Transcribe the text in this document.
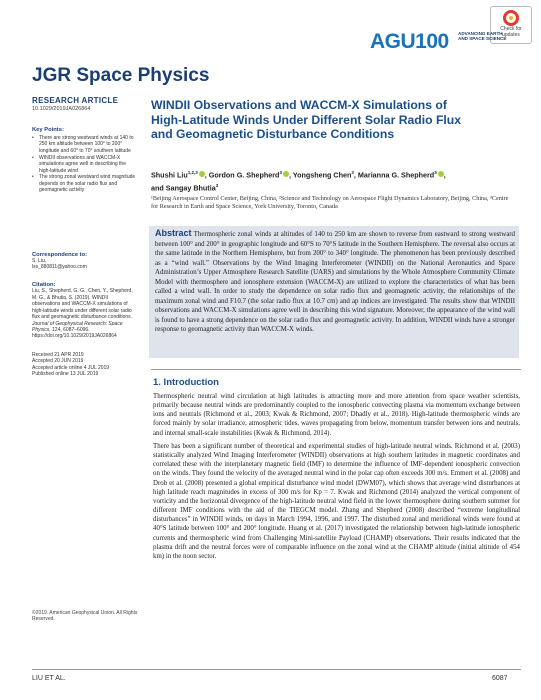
Check for updates
AGU100 ADVANCING EARTH AND SPACE SCIENCE
JGR Space Physics
RESEARCH ARTICLE
10.1029/2019JA026864
Key Points:
• There are strong westward winds at 140 to 250 km altitude between 100° to 200° longitude and 60° to 70° southern latitude
• WINDII observations and WACCM-X simulations agree well in describing the high-latitude wind
• The strong zonal westward wind magnitude depends on the solar radio flux and geomagnetic activity
Correspondence to:
S. Liu,
lss_880811@yahoo.com
Citation:
Liu, S., Shepherd, G. G., Chen, Y., Shepherd, M. G., & Bhutia, S. (2019). WINDII observations and WACCM-X simulations of high-latitude winds under different solar radio flux and geomagnetic disturbance conditions. Journal of Geophysical Research: Space Physics, 124, 6087–6096. https://doi.org/10.1029/2019JA026864
Received 21 APR 2019
Accepted 20 JUN 2019
Accepted article online 4 JUL 2019
Published online 13 JUL 2019
©2019. American Geophysical Union. All Rights Reserved.
WINDII Observations and WACCM-X Simulations of High-Latitude Winds Under Different Solar Radio Flux and Geomagnetic Disturbance Conditions
Shushi Liu$^{1,2,3}$ , Gordon G. Shepherd$^3$ , Yongsheng Chen$^3$, Marianna G. Shepherd$^3$ ,
and Sangay Bhutia$^3$
¹Beijing Aerospace Control Center, Beijing, China, ²Science and Technology on Aerospace Flight Dynamics Laboratory, Beijing, China, ³Centre for Research in Earth and Space Science, York University, Toronto, Canada
Abstract Thermospheric zonal winds at altitudes of 140 to 250 km are shown to reverse from eastward to strong westward between 100° and 200° in geographic longitude and 60°S to 70°S latitude in the Southern Hemisphere. The reversal also occurs at the same latitude in the Northern Hemisphere, but from 200° to 340° longitude. The phenomenon has been previously described as a “wind wall.” Observations by the Wind Imaging Interferometer (WINDII) on the National Aeronautics and Space Administration’s Upper Atmosphere Research Satellite (UARS) and simulations by the Whole Atmosphere Community Climate Model with thermosphere and ionosphere extension (WACCM-X) are utilized to explore the characteristics of what has been called a wind wall. In order to study the dependence on solar radio flux and geomagnetic activity, the relationships of the maximum zonal wind and F10.7 (the solar radio flux at 10.7 cm) and ap indices are investigated. The results show that WINDII observations and WACCM-X simulations agree well in describing this wind signature. Moreover, the appearance of the wind wall is found to have a strong dependence on the solar radio flux and geomagnetic activity. In addition, WINDII winds have a stronger response to geomagnetic activity than WACCM-X winds.
1. Introduction
Thermospheric neutral wind circulation at high latitudes is attracting more and more attention from space weather scientists, primarily because neutral winds are predominantly coupled to the ionospheric convecting plasma via momentum exchange between ions and neutrals (Richmond et al., 2003; Kwak & Richmond, 2007; Dhadly et al., 2018). High-latitude thermospheric winds are forced mainly by solar irradiance, atmospheric tides, waves propagating from below, momentum transfer between ions and neutrals, and internal small-scale instabilities (Kwak & Richmond, 2014).
There has been a significant number of theoretical and experimental studies of high-latitude neutral winds. Richmond et al. (2003) statistically analyzed Wind Imaging Interferometer (WINDII) observations at high southern latitudes in magnetic coordinates and correlated these with the interplanetary magnetic field (IMF) to determine the influence of IMF-dependent ionospheric convection on the winds. They found the velocity of the averaged neutral wind in the polar cap often exceeds 300 m/s. Emmert et al. (2008) and Drob et al. (2008) presented a global empirical disturbance wind model (DWM07), which shows that average wind disturbances at high latitude reach magnitudes in excess of 300 m/s for Kp = 7. Kwak and Richmond (2014) analyzed the vertical component of vorticity and the horizontal divergence of the high-latitude neutral wind field in the lower thermosphere during southern summer for different IMF conditions with the aid of the TIEGCM model. Zhang and Shepherd (2008) described “extreme longitudinal disturbances” in WINDII winds, on days in March 1994, 1996, and 1997. The disturbed zonal and meridional winds were found at 40°S latitude between 100° and 200° longitude. Huang et al. (2017) investigated the relationship between high-latitude ionospheric currents and thermospheric wind from Challenging Mini-satellite Payload (CHAMP) observations. Their results indicated that the plasma drift and the neutral forces were of comparable influence on the zonal wind at the CHAMP altitude (initial altitude of 454 km) in the noon sector.
LIU ET AL.	6087
